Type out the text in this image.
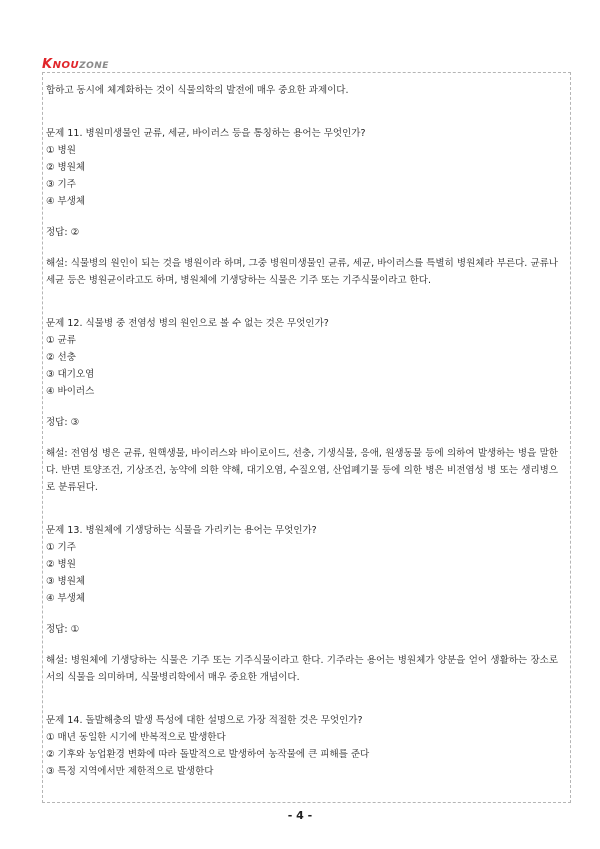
KNOUZONE

합하고 동시에 체계화하는 것이 식물의학의 발전에 매우 중요한 과제이다.

문제 11. 병원미생물인 균류, 세균, 바이러스 등을 통칭하는 용어는 무엇인가?

① 병원

② 병원체

③ 기주

④ 부생체

정답: ②

해설: 식물병의 원인이 되는 것을 병원이라 하며, 그중 병원미생물인 균류, 세균, 바이러스를 특별히 병원체라 부른다. 균류나 세균 등은 병원균이라고도 하며, 병원체에 기생당하는 식물은 기주 또는 기주식물이라고 한다.

문제 12. 식물병 중 전염성 병의 원인으로 볼 수 없는 것은 무엇인가?

① 균류

② 선충

③ 대기오염

④ 바이러스

정답: ③

해설: 전염성 병은 균류, 원핵생물, 바이러스와 바이로이드, 선충, 기생식물, 응애, 원생동물 등에 의하여 발생하는 병을 말한다. 반면 토양조건, 기상조건, 농약에 의한 약해, 대기오염, 수질오염, 산업폐기물 등에 의한 병은 비전염성 병 또는 생리병으로 분류된다.

문제 13. 병원체에 기생당하는 식물을 가리키는 용어는 무엇인가?

① 기주

② 병원

③ 병원체

④ 부생체

정답: ①

해설: 병원체에 기생당하는 식물은 기주 또는 기주식물이라고 한다. 기주라는 용어는 병원체가 양분을 얻어 생활하는 장소로서의 식물을 의미하며, 식물병리학에서 매우 중요한 개념이다.

문제 14. 돌발해충의 발생 특성에 대한 설명으로 가장 적절한 것은 무엇인가?

① 매년 동일한 시기에 반복적으로 발생한다

② 기후와 농업환경 변화에 따라 돌발적으로 발생하여 농작물에 큰 피해를 준다

③ 특정 지역에서만 제한적으로 발생한다

- 4 -
